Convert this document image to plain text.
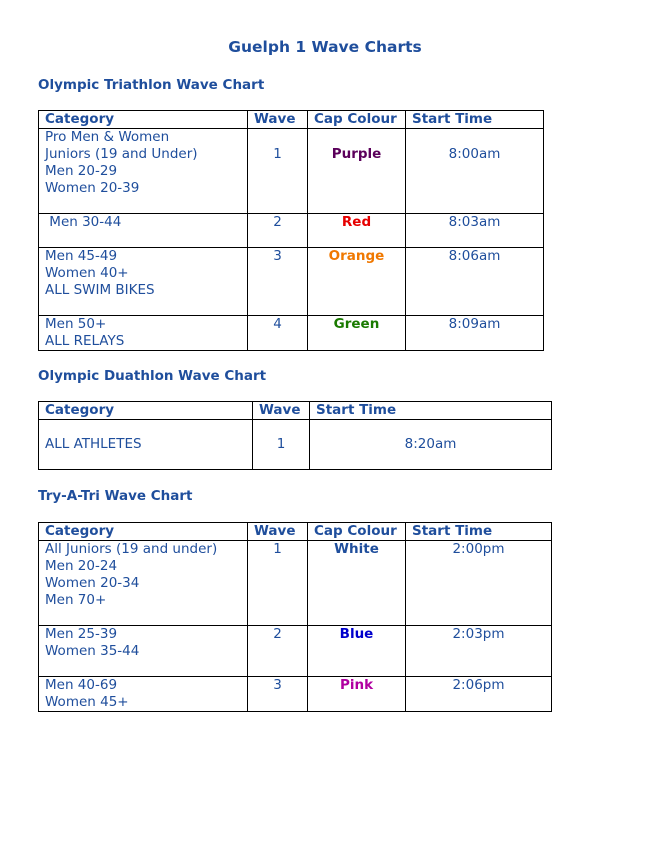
Guelph 1 Wave Charts
Olympic Triathlon Wave Chart
Category	Wave	Cap Colour	Start Time

Pro Men & Women
Juniors (19 and Under)
Men 20-29
Women 20-39	1	Purple	8:00am

Men 30-44	2	Red	8:03am

Men 45-49
Women 40+
ALL SWIM BIKES	3	Orange	8:06am

Men 50+
ALL RELAYS	4	Green	8:09am
Olympic Duathlon Wave Chart
Category	Wave	Start Time

ALL ATHLETES	1	8:20am
Try-A-Tri Wave Chart
Category	Wave	Cap Colour	Start Time

All Juniors (19 and under)
Men 20-24
Women 20-34
Men 70+	1	White	2:00pm

Men 25-39
Women 35-44	2	Blue	2:03pm

Men 40-69
Women 45+	3	Pink	2:06pm
